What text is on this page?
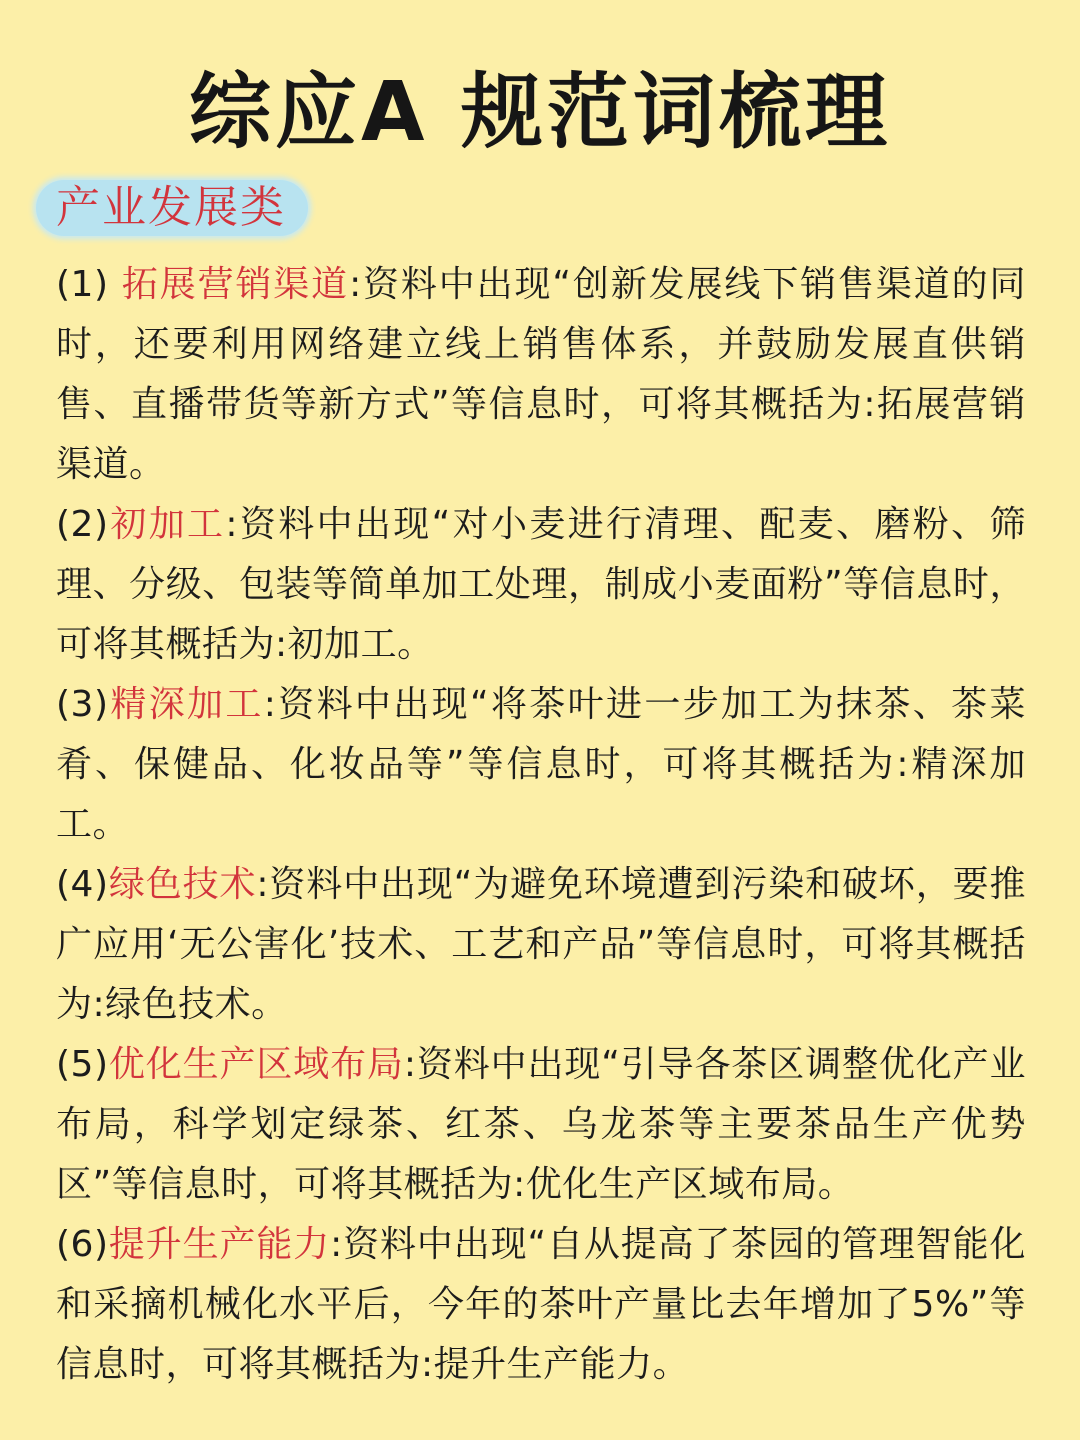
综应A 规范词梳理
产业发展类
(1) 拓展营销渠道:资料中出现“创新发展线下销售渠道的同时，还要利用网络建立线上销售体系，并鼓励发展直供销售、直播带货等新方式”等信息时，可将其概括为:拓展营销渠道。
(2)初加工:资料中出现“对小麦进行清理、配麦、磨粉、筛理、分级、包装等简单加工处理，制成小麦面粉”等信息时，可将其概括为:初加工。
(3)精深加工:资料中出现“将茶叶进一步加工为抹茶、茶菜肴、保健品、化妆品等”等信息时，可将其概括为:精深加工。
(4)绿色技术:资料中出现“为避免环境遭到污染和破坏，要推广应用‘无公害化’技术、工艺和产品”等信息时，可将其概括为:绿色技术。
(5)优化生产区域布局:资料中出现“引导各茶区调整优化产业布局，科学划定绿茶、红茶、乌龙茶等主要茶品生产优势区”等信息时，可将其概括为:优化生产区域布局。
(6)提升生产能力:资料中出现“自从提高了茶园的管理智能化和采摘机械化水平后，今年的茶叶产量比去年增加了5%”等信息时，可将其概括为:提升生产能力。
